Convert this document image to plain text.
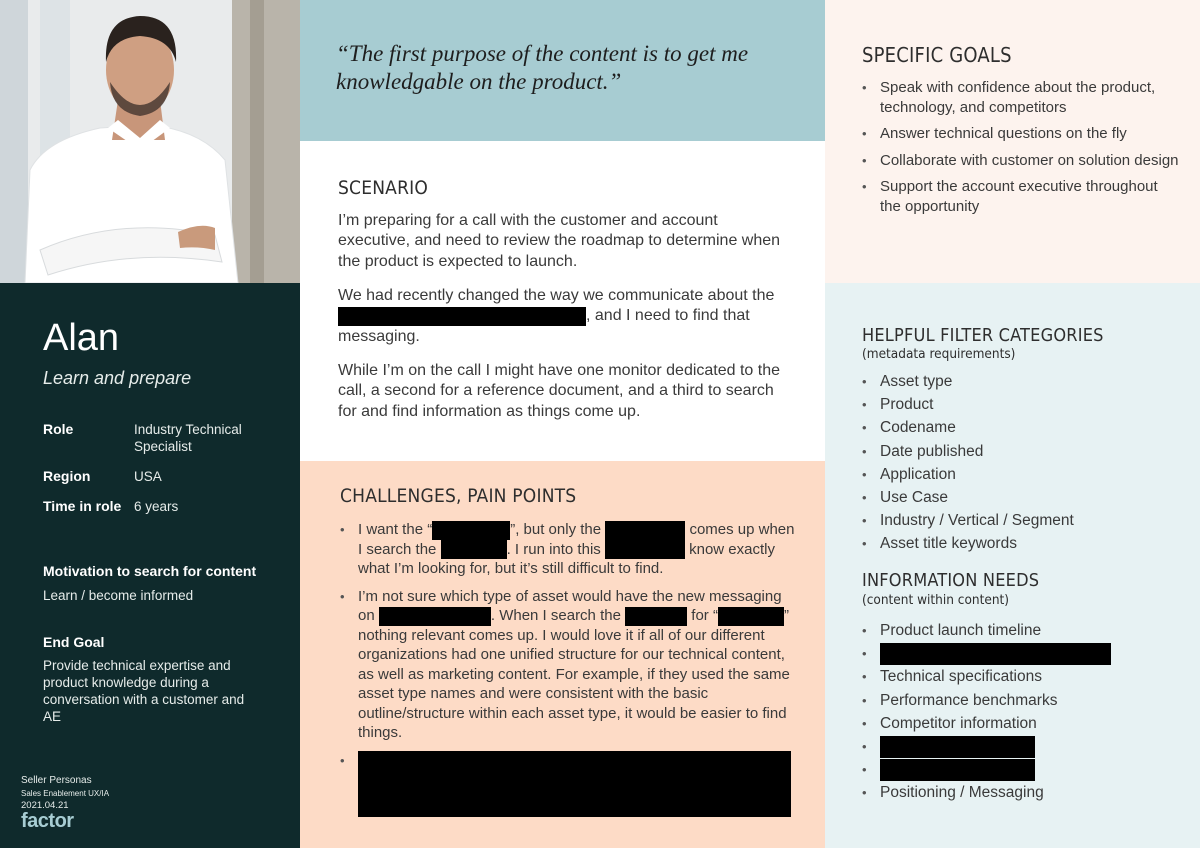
Alan
Learn and prepare
Role	Industry Technical Specialist
Region	USA
Time in role 6 years
Motivation to search for content
Learn / become informed
End Goal
Provide technical expertise and product knowledge during a conversation with a customer and AE
Seller Personas
Sales Enablement UX/IA
2021.04.21
factor
“The first purpose of the content is to get me knowledgable on the product.”
SCENARIO
I’m preparing for a call with the customer and account executive, and need to review the roadmap to determine when the product is expected to launch.
We had recently changed the way we communicate about the
, and I need to find that messaging.
While I’m on the call I might have one monitor dedicated to the call, a second for a reference document, and a third to search for and find information as things come up.
CHALLENGES, PAIN POINTS
• I want the “	”, but only the	comes up when I search the	. I run into this	know exactly what I’m looking for, but it’s still difficult to find.
• I’m not sure which type of asset would have the new messaging on	. When I search the	for “	” nothing relevant comes up. I would love it if all of our different organizations had one unified structure for our technical content, as well as marketing content. For example, if they used the same asset type names and were consistent with the basic outline/structure within each asset type, it would be easier to find things.
•
SPECIFIC GOALS
• Speak with confidence about the product, technology, and competitors
• Answer technical questions on the fly
• Collaborate with customer on solution design
• Support the account executive throughout the opportunity
HELPFUL FILTER CATEGORIES
(metadata requirements)
• Asset type
• Product
• Codename
• Date published
• Application
• Use Case
• Industry / Vertical / Segment
• Asset title keywords
INFORMATION NEEDS
(content within content)
• Product launch timeline
•
• Technical specifications
• Performance benchmarks
• Competitor information
•
•
• Positioning / Messaging
